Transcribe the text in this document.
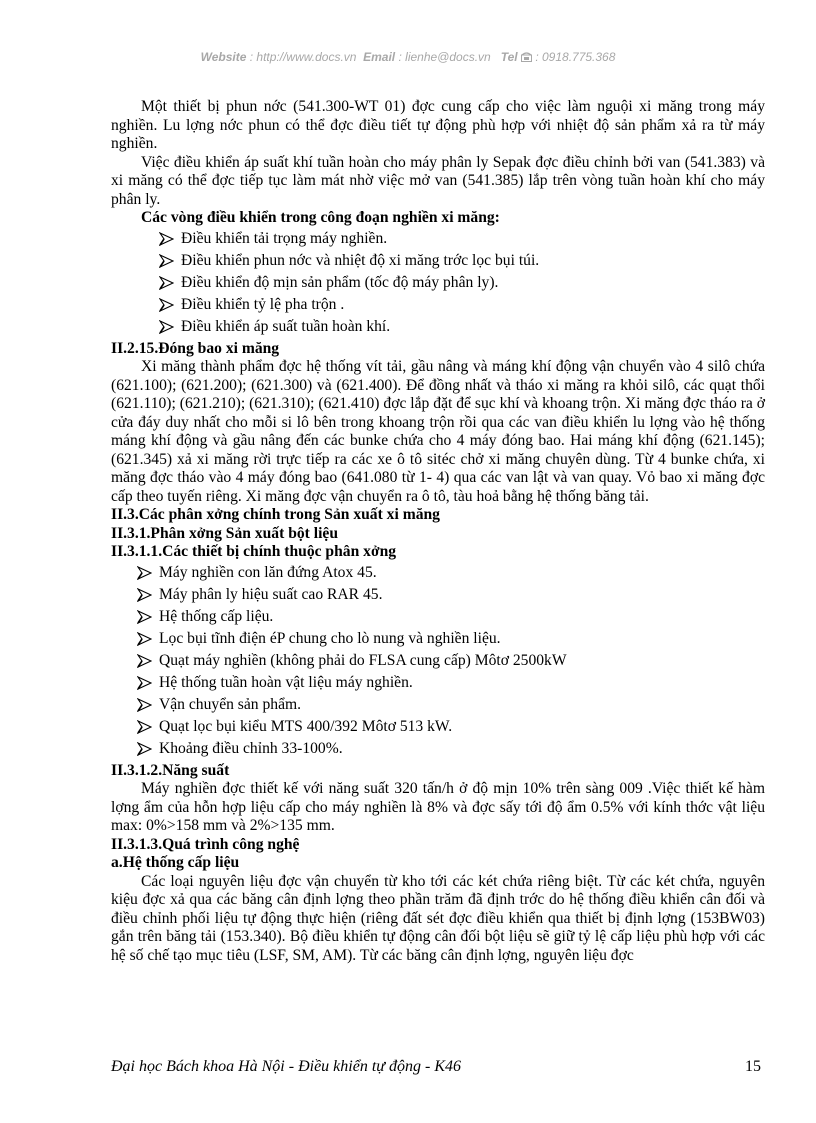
Website : http://www.docs.vn Email : lienhe@docs.vn Tel : 0918.775.368

Một thiết bị phun nớc (541.300-WT 01) đợc cung cấp cho việc làm nguội xi măng trong máy nghiền. Lu lợng nớc phun có thể đợc điều tiết tự động phù hợp với nhiệt độ sản phẩm xả ra từ máy nghiền.

Việc điều khiển áp suất khí tuần hoàn cho máy phân ly Sepak đợc điều chỉnh bởi van (541.383) và xi măng có thể đợc tiếp tục làm mát nhờ việc mở van (541.385) lắp trên vòng tuần hoàn khí cho máy phân ly.

Các vòng điều khiển trong công đoạn nghiền xi măng:

Điều khiển tải trọng máy nghiền.
Điều khiển phun nớc và nhiệt độ xi măng trớc lọc bụi túi.
Điều khiển độ mịn sản phẩm (tốc độ máy phân ly).
Điều khiển tỷ lệ pha trộn .
Điều khiển áp suất tuần hoàn khí.

II.2.15.Đóng bao xi măng

Xi măng thành phẩm đợc hệ thống vít tải, gầu nâng và máng khí động vận chuyển vào 4 silô chứa (621.100); (621.200); (621.300) và (621.400). Để đồng nhất và tháo xi măng ra khỏi silô, các quạt thổi (621.110); (621.210); (621.310); (621.410) đợc lắp đặt để sục khí và khoang trộn. Xi măng đợc tháo ra ở cửa đáy duy nhất cho mỗi si lô bên trong khoang trộn rồi qua các van điều khiển lu lợng vào hệ thống máng khí động và gầu nâng đến các bunke chứa cho 4 máy đóng bao. Hai máng khí động (621.145); (621.345) xả xi măng rời trực tiếp ra các xe ô tô sitéc chở xi măng chuyên dùng. Từ 4 bunke chứa, xi măng đợc tháo vào 4 máy đóng bao (641.080 từ 1- 4) qua các van lật và van quay. Vỏ bao xi măng đợc cấp theo tuyến riêng. Xi măng đợc vận chuyển ra ô tô, tàu hoả bằng hệ thống băng tải.

II.3.Các phân xởng chính trong Sản xuất xi măng

II.3.1.Phân xởng Sản xuất bột liệu

II.3.1.1.Các thiết bị chính thuộc phân xởng

Máy nghiền con lăn đứng Atox 45.
Máy phân ly hiệu suất cao RAR 45.
Hệ thống cấp liệu.
Lọc bụi tĩnh điện éP chung cho lò nung và nghiền liệu.
Quạt máy nghiền (không phải do FLSA cung cấp) Môtơ 2500kW
Hệ thống tuần hoàn vật liệu máy nghiền.
Vận chuyển sản phẩm.
Quạt lọc bụi kiểu MTS 400/392 Môtơ 513 kW.
Khoảng điều chỉnh 33-100%.

II.3.1.2.Năng suất

Máy nghiền đợc thiết kế với năng suất 320 tấn/h ở độ mịn 10% trên sàng 009 .Việc thiết kế hàm lợng ẩm của hỗn hợp liệu cấp cho máy nghiền là 8% và đợc sấy tới độ ẩm 0.5% với kính thớc vật liệu max: 0%>158 mm và 2%>135 mm.

II.3.1.3.Quá trình công nghệ

a.Hệ thống cấp liệu

Các loại nguyên liệu đợc vận chuyển từ kho tới các két chứa riêng biệt. Từ các két chứa, nguyên kiệu đợc xả qua các băng cân định lợng theo phần trăm đã định trớc do hệ thống điều khiển cân đối và điều chỉnh phối liệu tự động thực hiện (riêng đất sét đợc điều khiển qua thiết bị định lợng (153BW03) gắn trên băng tải (153.340). Bộ điều khiển tự động cân đối bột liệu sẽ giữ tỷ lệ cấp liệu phù hợp với các hệ số chế tạo mục tiêu (LSF, SM, AM). Từ các băng cân định lợng, nguyên liệu đợc

Đại học Bách khoa Hà Nội - Điều khiển tự động - K46	15
